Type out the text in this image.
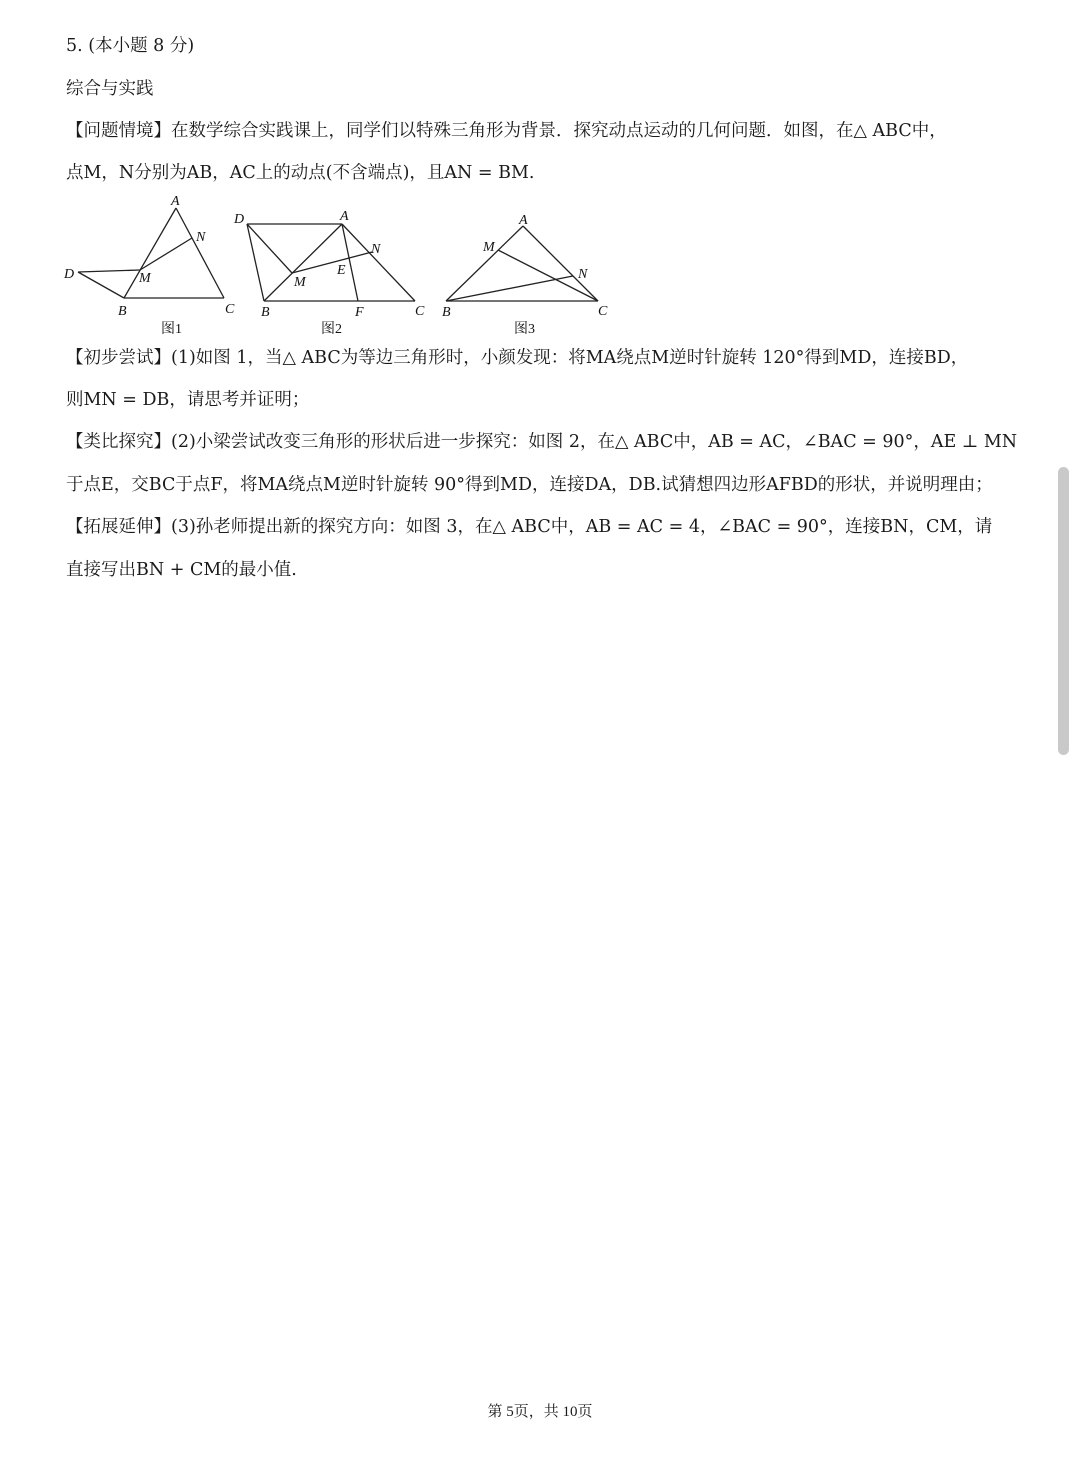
5. (本小题 8 分)

综合与实践

【问题情境】在数学综合实践课上，同学们以特殊三角形为背景．探究动点运动的几何问题．如图，在△ ABC中，

点M，N分别为AB，AC上的动点(不含端点)，且AN = BM.

A
N
D	M
B	C
图1
D	A
N
E
M
B	F	C
图2
A
M
N
B	C
图3

【初步尝试】(1)如图 1，当△ ABC为等边三角形时，小颜发现：将MA绕点M逆时针旋转 120°得到MD，连接BD，

则MN = DB，请思考并证明；

【类比探究】(2)小梁尝试改变三角形的形状后进一步探究：如图 2，在△ ABC中，AB = AC，∠BAC = 90°，AE ⊥ MN

于点E，交BC于点F，将MA绕点M逆时针旋转 90°得到MD，连接DA，DB.试猜想四边形AFBD的形状，并说明理由；

【拓展延伸】(3)孙老师提出新的探究方向：如图 3，在△ ABC中，AB = AC = 4，∠BAC = 90°，连接BN，CM，请

直接写出BN + CM的最小值.

第 5页，共 10页
